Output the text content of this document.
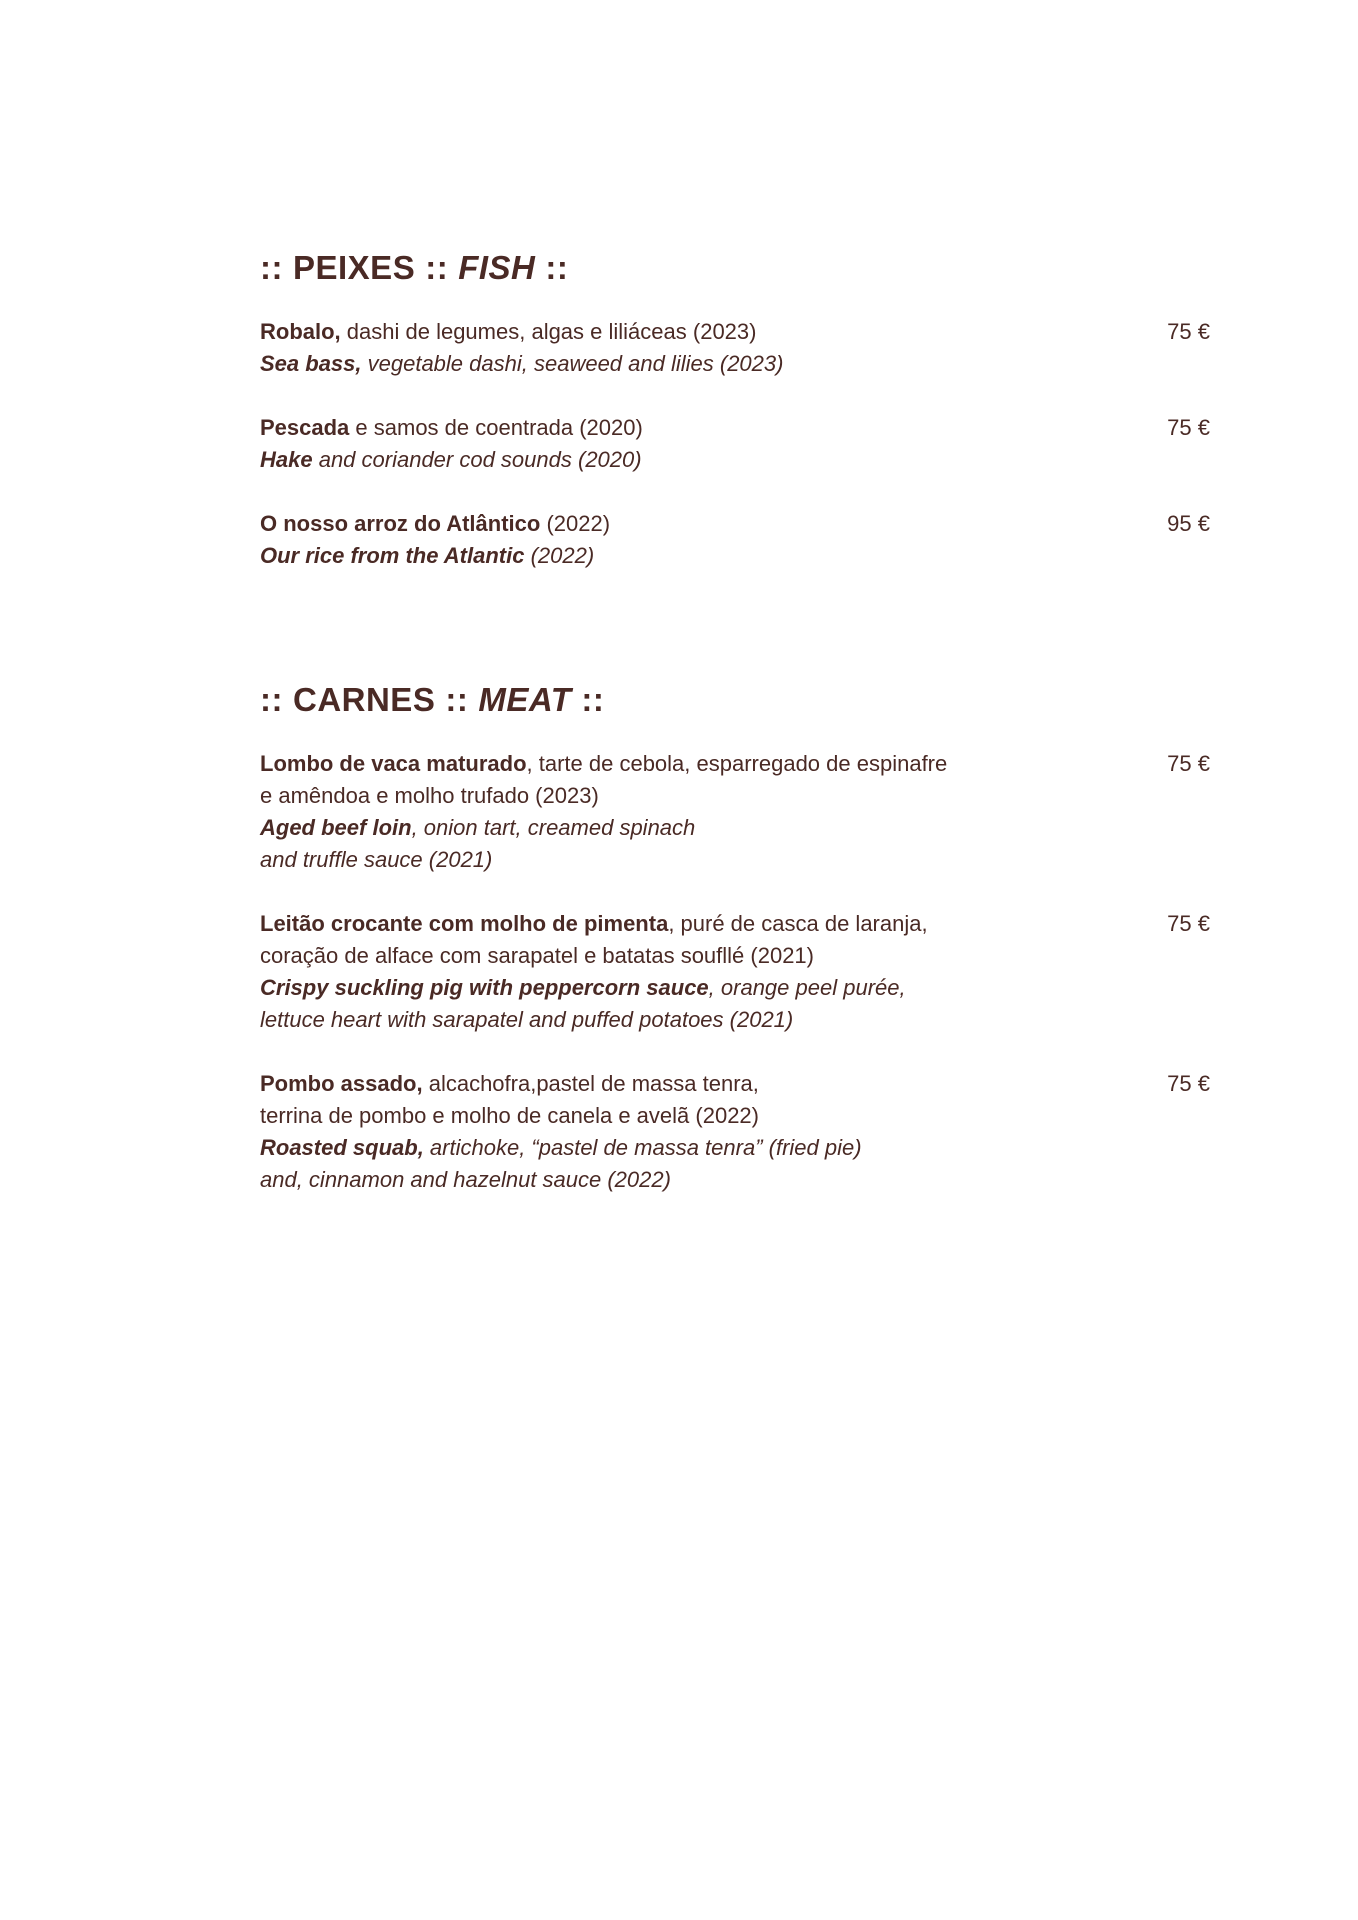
:: PEIXES :: FISH ::
Robalo, dashi de legumes, algas e liliáceas (2023)
Sea bass, vegetable dashi, seaweed and lilies (2023)
75 €
Pescada e samos de coentrada (2020)
Hake and coriander cod sounds (2020)
75 €
O nosso arroz do Atlântico (2022)
Our rice from the Atlantic (2022)
95 €
:: CARNES :: MEAT ::
Lombo de vaca maturado, tarte de cebola, esparregado de espinafre
e amêndoa e molho trufado (2023)
Aged beef loin, onion tart, creamed spinach
and truffle sauce (2021)
75 €
Leitão crocante com molho de pimenta, puré de casca de laranja,
coração de alface com sarapatel e batatas soufllé (2021)
Crispy suckling pig with peppercorn sauce, orange peel purée,
lettuce heart with sarapatel and puffed potatoes (2021)
75 €
Pombo assado, alcachofra,pastel de massa tenra,
terrina de pombo e molho de canela e avelã (2022)
Roasted squab, artichoke, “pastel de massa tenra” (fried pie)
and, cinnamon and hazelnut sauce (2022)
75 €
